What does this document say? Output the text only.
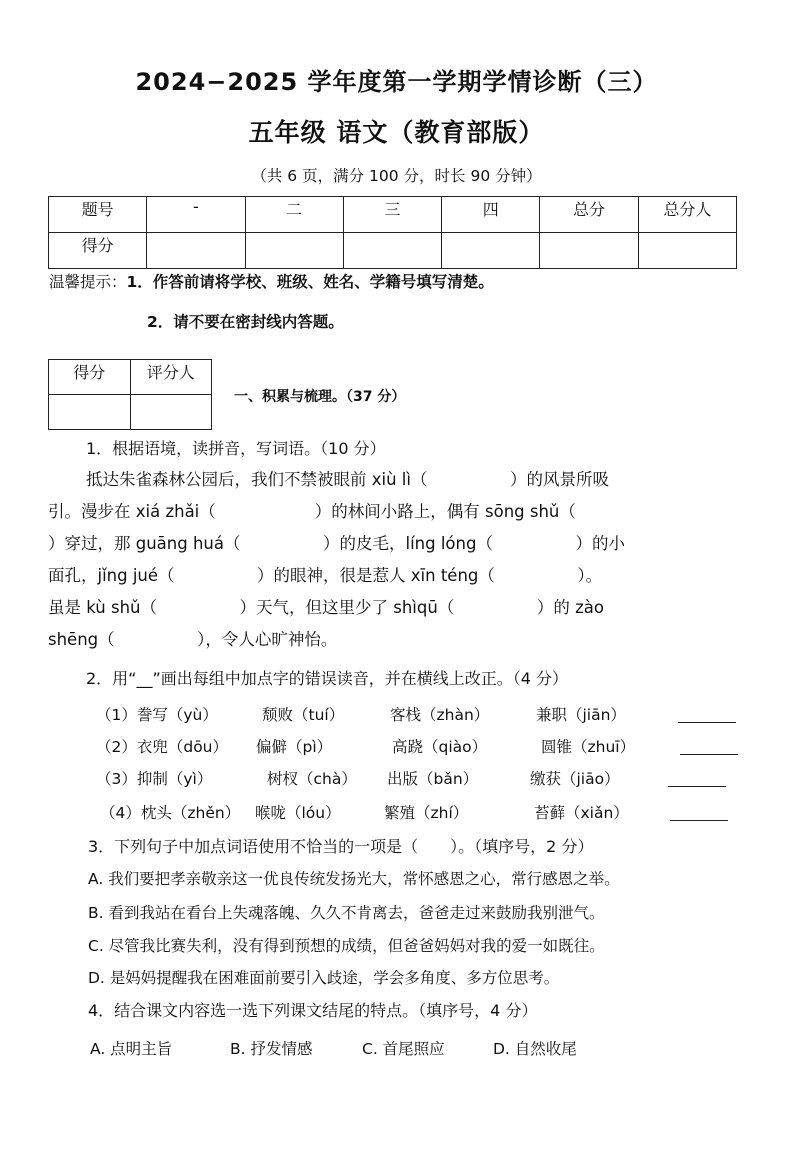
2024−2025 学年度第一学期学情诊断（三）
五年级 语文（教育部版）
（共 6 页，满分 100 分，时长 90 分钟）
题号	-	二	三	四	总分	总分人
得分						
温馨提示：1．作答前请将学校、班级、姓名、学籍号填写清楚。
2．请不要在密封线内答题。
得分	评分人

一、积累与梳理。（37 分）
1．根据语境，读拼音，写词语。（10 分）
抵达朱雀森林公园后，我们不禁被眼前 xiù lì（　　　　　）的风景所吸
引。漫步在 xiá zhǎi（　　　　　　）的林间小路上，偶有 sōng shǔ（
）穿过，那 guāng huá（　　　　　）的皮毛，líng lóng（　　　　　）的小
面孔，jǐng jué（　　　　　）的眼神，很是惹人 xīn téng（　　　　　）。
虽是 kù shǔ（　　　　　）天气，但这里少了 shìqū（　　　　　）的 zào
shēng（　　　　　），令人心旷神怡。
2．用“__”画出每组中加点字的错误读音，并在横线上改正。（4 分）
（1）誊写（yù）	颓败（tuí）	客栈（zhàn）	兼职（jiān）
（2）衣兜（dōu） 偏僻（pì）	高跷（qiào）	圆锥（zhuī）
（3）抑制（yì）	树杈（chà） 出版（bǎn）	缴获（jiāo）
（4）枕头（zhěn） 喉咙（lóu）	繁殖（zhí）	苔藓（xiǎn）
3．下列句子中加点词语使用不恰当的一项是（　　）。（填序号，2 分）
A. 我们要把孝亲敬亲这一优良传统发扬光大，常怀感恩之心，常行感恩之举。
B. 看到我站在看台上失魂落魄、久久不肯离去，爸爸走过来鼓励我别泄气。
C. 尽管我比赛失利，没有得到预想的成绩，但爸爸妈妈对我的爱一如既往。
D. 是妈妈提醒我在困难面前要引入歧途，学会多角度、多方位思考。
4．结合课文内容选一选下列课文结尾的特点。（填序号，4 分）
A. 点明主旨	B. 抒发情感	C. 首尾照应	D. 自然收尾
